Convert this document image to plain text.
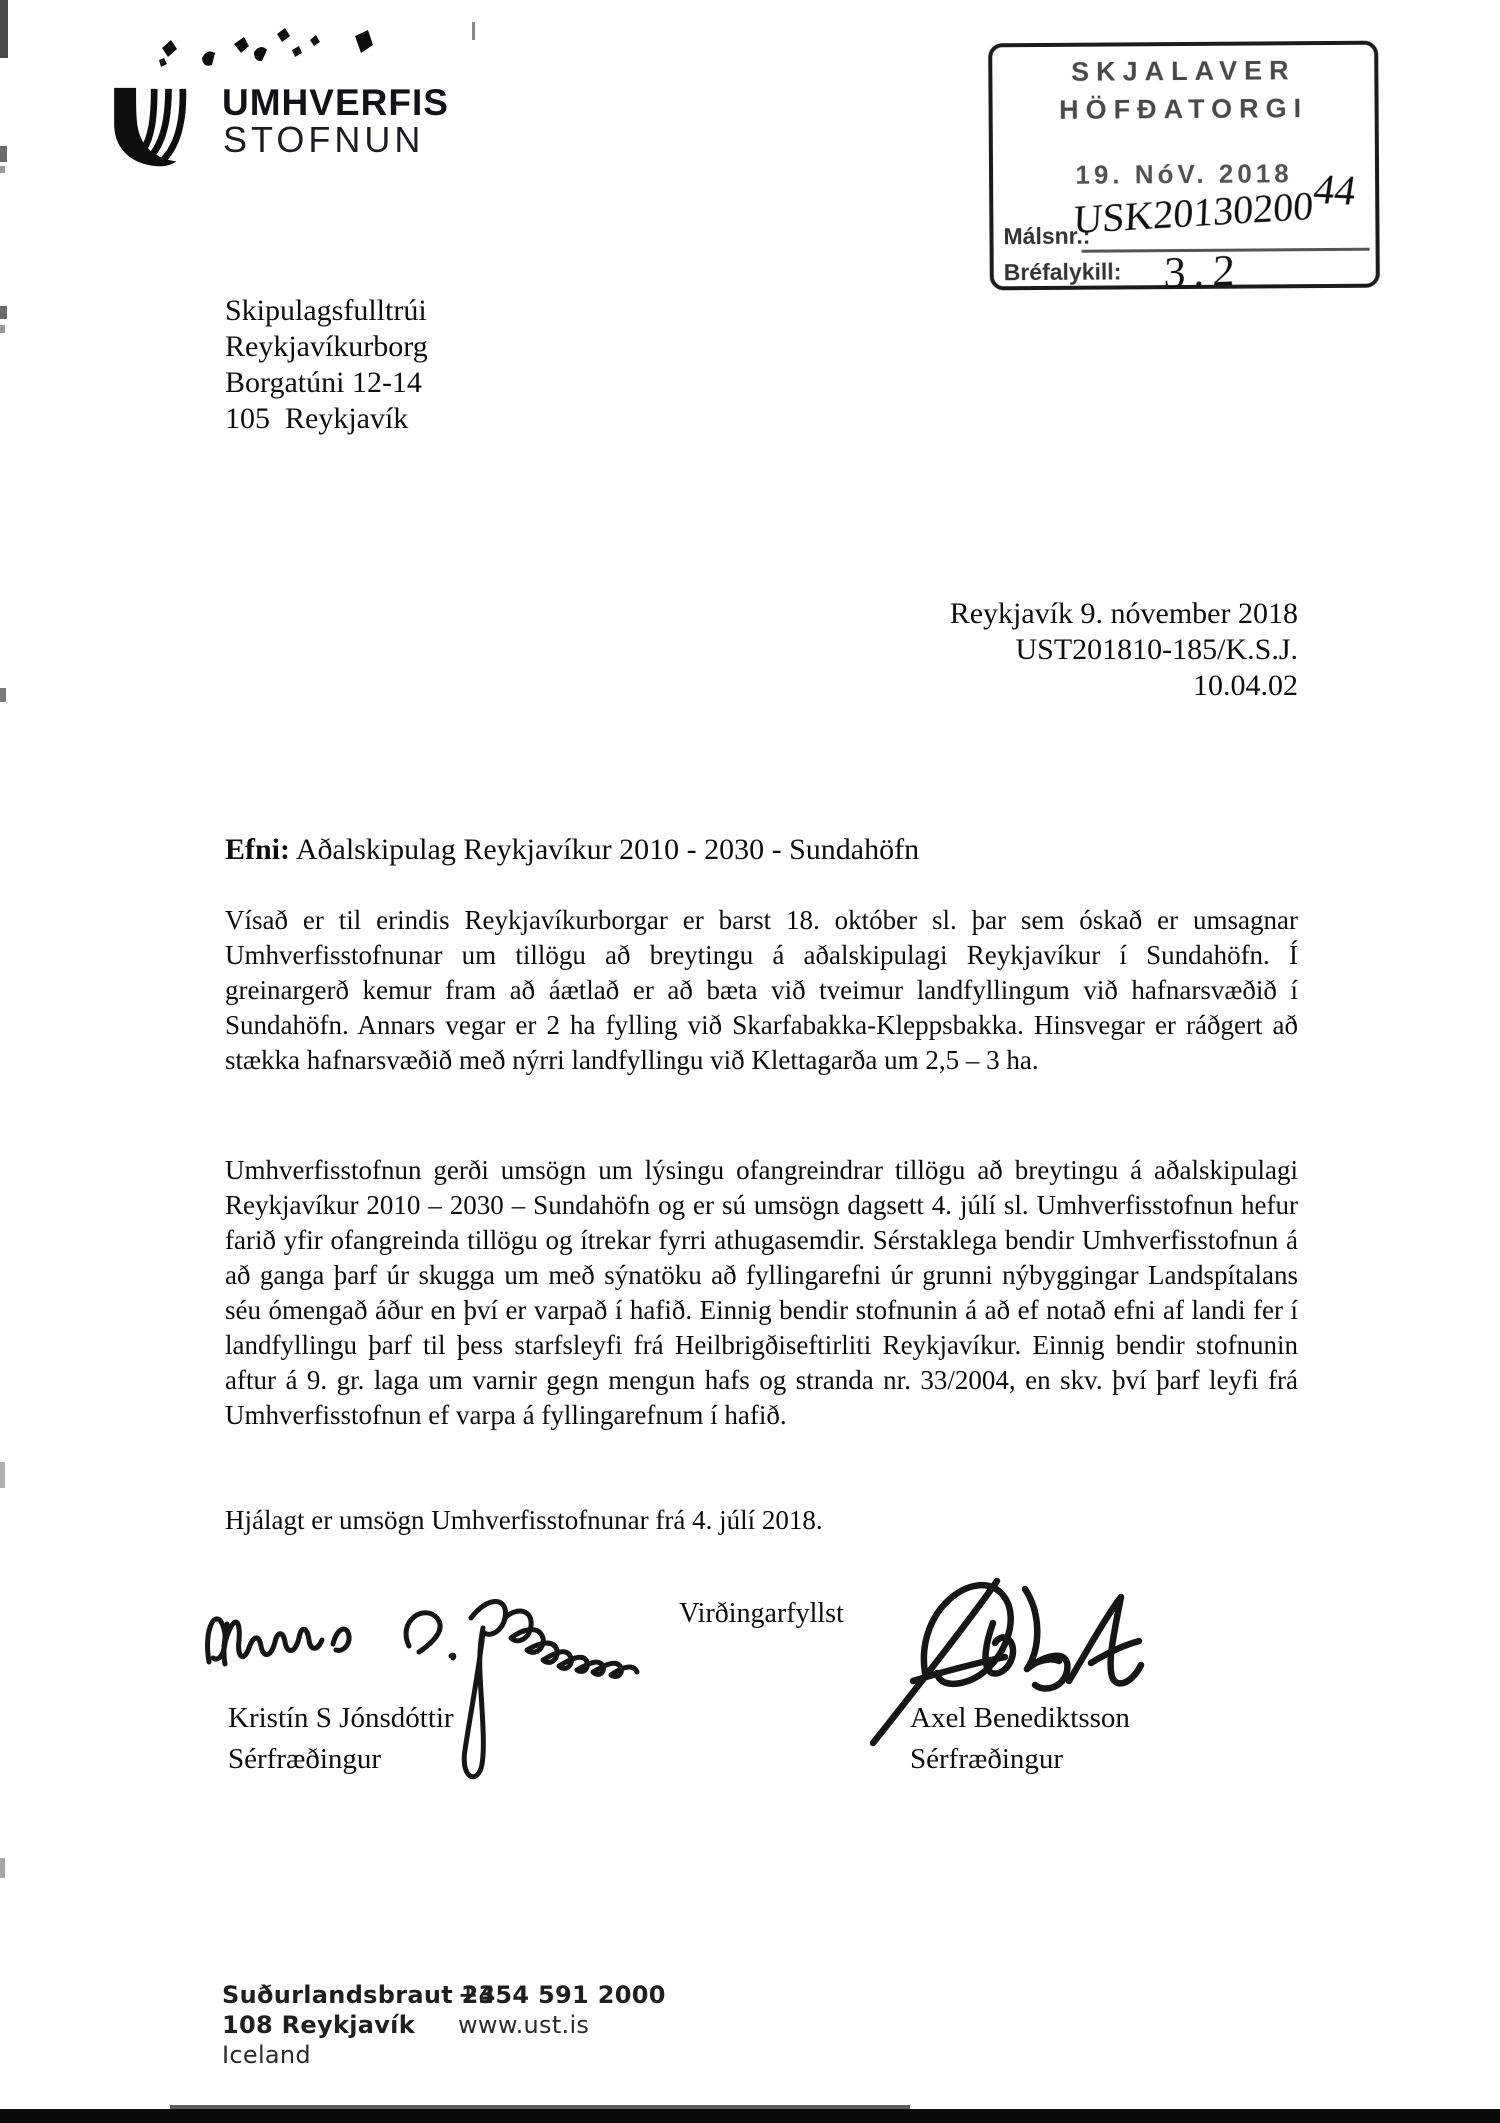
UMHVERFIS
STOFNUN
SKJALAVER
HÖFÐATORGI
19. NóV. 2018
Málsnr.:
USK2013020044
Bréfalykill: 3.2
Skipulagsfulltrúi
Reykjavíkurborg
Borgatúni 12-14
105  Reykjavík
Reykjavík 9. nóvember 2018
UST201810-185/K.S.J.
10.04.02
Efni: Aðalskipulag Reykjavíkur 2010 - 2030 - Sundahöfn

Vísað er til erindis Reykjavíkurborgar er barst 18. október sl. þar sem óskað er umsagnar Umhverfisstofnunar um tillögu að breytingu á aðalskipulagi Reykjavíkur í Sundahöfn. Í greinargerð kemur fram að áætlað er að bæta við tveimur landfyllingum við hafnarsvæðið í Sundahöfn. Annars vegar er 2 ha fylling við Skarfabakka-Kleppsbakka. Hinsvegar er ráðgert að stækka hafnarsvæðið með nýrri landfyllingu við Klettagarða um 2,5 – 3 ha.

Umhverfisstofnun gerði umsögn um lýsingu ofangreindrar tillögu að breytingu á aðalskipulagi Reykjavíkur 2010 – 2030 – Sundahöfn og er sú umsögn dagsett 4. júlí sl. Umhverfisstofnun hefur farið yfir ofangreinda tillögu og ítrekar fyrri athugasemdir. Sérstaklega bendir Umhverfisstofnun á að ganga þarf úr skugga um með sýnatöku að fyllingarefni úr grunni nýbyggingar Landspítalans séu ómengað áður en því er varpað í hafið. Einnig bendir stofnunin á að ef notað efni af landi fer í landfyllingu þarf til þess starfsleyfi frá Heilbrigðiseftirliti Reykjavíkur. Einnig bendir stofnunin aftur á 9. gr. laga um varnir gegn mengun hafs og stranda nr. 33/2004, en skv. því þarf leyfi frá Umhverfisstofnun ef varpa á fyllingarefnum í hafið.

Hjálagt er umsögn Umhverfisstofnunar frá 4. júlí 2018.

Virðingarfyllst
Kristín S Jónsdóttir
Sérfræðingur
Axel Benediktsson
Sérfræðingur
Suðurlandsbraut 24
108 Reykjavík
Iceland
+354 591 2000
www.ust.is
